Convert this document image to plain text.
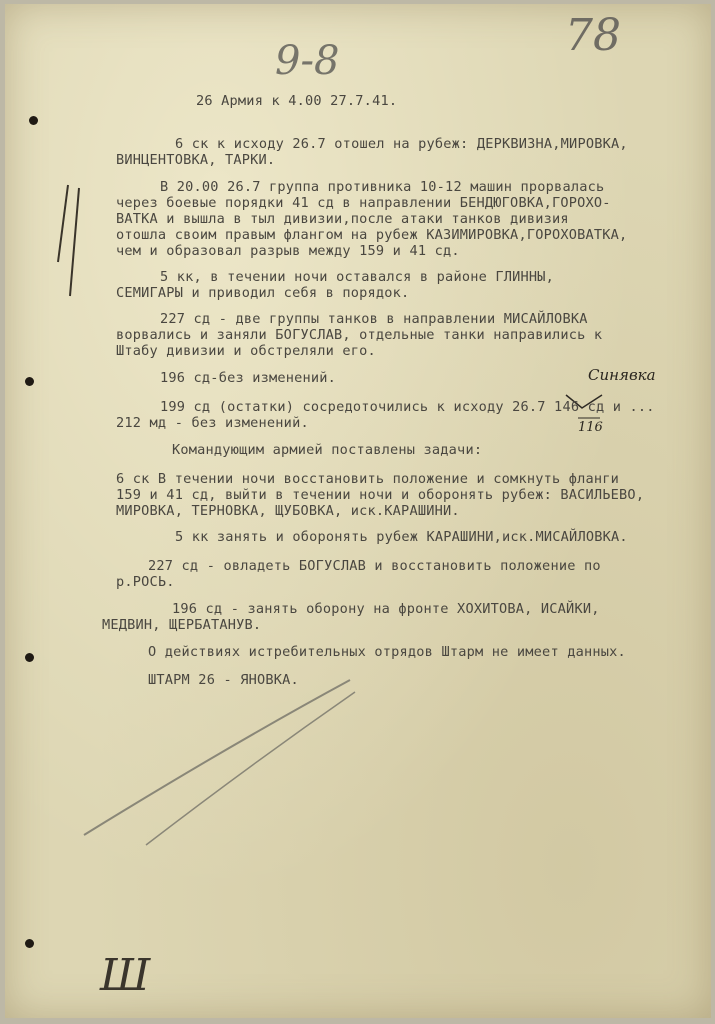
78
9-8
Синявка
116
Ш
26 Армия к 4.00 27.7.41.
6 ск к исходу 26.7 отошел на рубеж: ДЕРКВИЗНА,МИРОВКА,
ВИНЦЕНТОВКА, ТАРКИ.
В 20.00 26.7 группа противника 10-12 машин прорвалась
через боевые порядки 41 сд в направлении БЕНДЮГОВКА,ГОРОХО-
ВАТКА и вышла в тыл дивизии,после атаки танков дивизия
отошла своим правым флангом на рубеж КАЗИМИРОВКА,ГОРОХОВАТКА,
чем и образовал разрыв между 159 и 41 сд.
5 кк, в течении ночи оставался в районе ГЛИННЫ,
СЕМИГАРЫ и приводил себя в порядок.
227 сд - две группы танков в направлении МИСАЙЛОВКА
ворвались и заняли БОГУСЛАВ, отдельные танки направились к
Штабу дивизии и обстреляли его.
196 сд-без изменений.
199 сд (остатки) сосредоточились к исходу 26.7 146 сд и ...
212 мд - без изменений.
Командующим армией поставлены задачи:
6 ск В течении ночи восстановить положение и сомкнуть фланги
159 и 41 сд, выйти в течении ночи и оборонять рубеж: ВАСИЛЬЕВО,
МИРОВКА, ТЕРНОВКА, ЩУБОВКА, иск.КАРАШИНИ.
5 кк занять и оборонять рубеж КАРАШИНИ,иск.МИСАЙЛОВКА.
227 сд - овладеть БОГУСЛАВ и восстановить положение по
р.РОСЬ.
196 сд - занять оборону на фронте ХОХИТОВА, ИСАЙКИ,
МЕДВИН, ЩЕРБАТАНУВ.
О действиях истребительных отрядов Штарм не имеет данных.
ШТАРМ 26 - ЯНОВКА.
